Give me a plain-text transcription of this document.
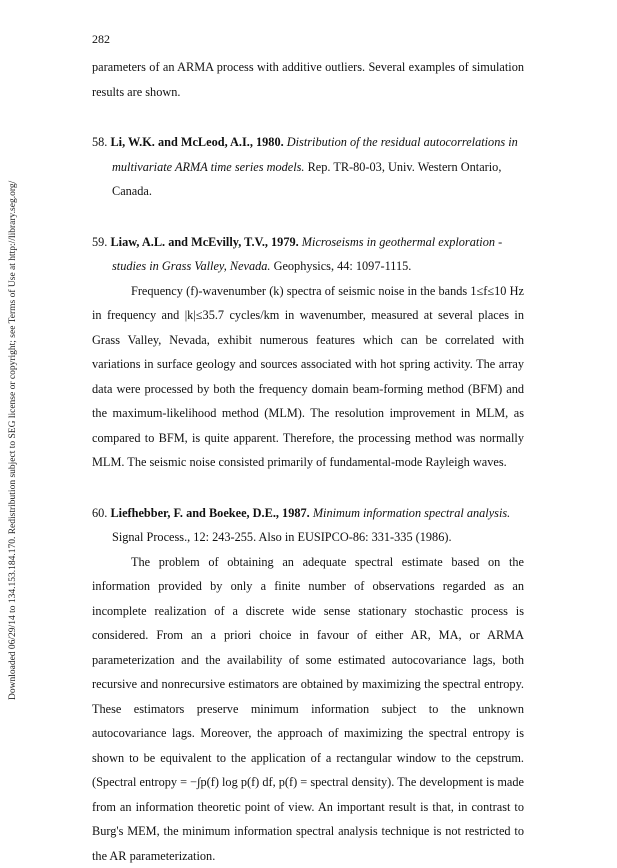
282
Downloaded 06/29/14 to 134.153.184.170. Redistribution subject to SEG license or copyright; see Terms of Use at http://library.seg.org/

parameters of an ARMA process with additive outliers. Several examples of simulation results are shown.

58. Li, W.K. and McLeod, A.I., 1980. Distribution of the residual autocorrelations in multivariate ARMA time series models. Rep. TR-80-03, Univ. Western Ontario, Canada.

59. Liaw, A.L. and McEvilly, T.V., 1979. Microseisms in geothermal exploration - studies in Grass Valley, Nevada. Geophysics, 44: 1097-1115.

Frequency (f)-wavenumber (k) spectra of seismic noise in the bands 1≤f≤10 Hz in frequency and |k|≤35.7 cycles/km in wavenumber, measured at several places in Grass Valley, Nevada, exhibit numerous features which can be correlated with variations in surface geology and sources associated with hot spring activity. The array data were processed by both the frequency domain beam-forming method (BFM) and the maximum-likelihood method (MLM). The resolution improvement in MLM, as compared to BFM, is quite apparent. Therefore, the processing method was normally MLM. The seismic noise consisted primarily of fundamental-mode Rayleigh waves.

60. Liefhebber, F. and Boekee, D.E., 1987. Minimum information spectral analysis. Signal Process., 12: 243-255. Also in EUSIPCO-86: 331-335 (1986).

The problem of obtaining an adequate spectral estimate based on the information provided by only a finite number of observations regarded as an incomplete realization of a discrete wide sense stationary stochastic process is considered. From an a priori choice in favour of either AR, MA, or ARMA parameterization and the availability of some estimated autocovariance lags, both recursive and nonrecursive estimators are obtained by maximizing the spectral entropy. These estimators preserve minimum information subject to the unknown autocovariance lags. Moreover, the approach of maximizing the spectral entropy is shown to be equivalent to the application of a rectangular window to the cepstrum. (Spectral entropy = −∫p(f) log p(f) df, p(f) = spectral density). The development is made from an information theoretic point of view. An important result is that, in contrast to Burg's MEM, the minimum information spectral analysis technique is not restricted to the AR parameterization.
